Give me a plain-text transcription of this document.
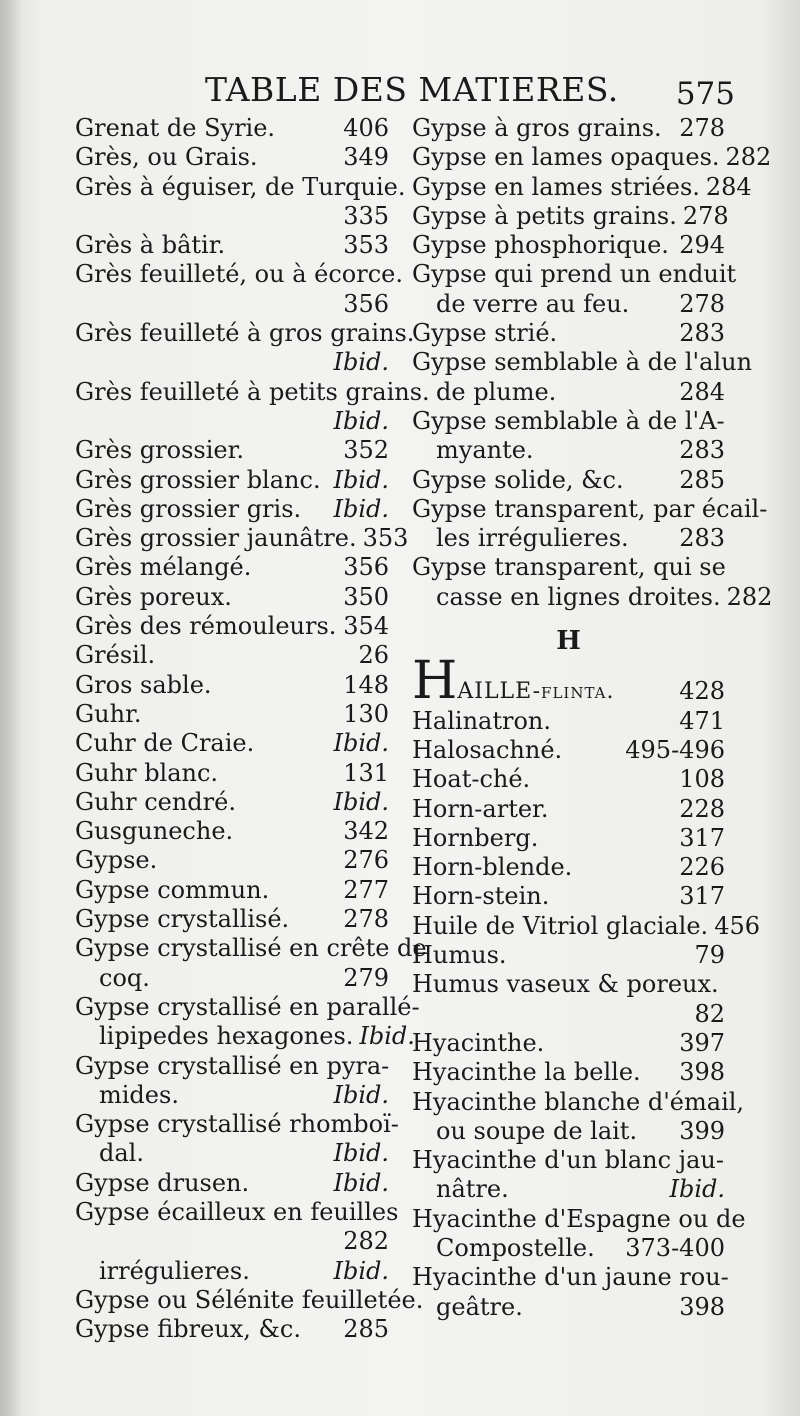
TABLE DES MATIERES. 575
Grenat de Syrie.	406
Grès, ou Grais.	349
Grès à éguiser, de Turquie.
335
Grès à bâtir.	353
Grès feuilleté, ou à écorce.
356
Grès feuilleté à gros grains.
Ibid.
Grès feuilleté à petits grains.
Ibid.
Grès grossier.	352
Grès grossier blanc. Ibid.
Grès grossier gris. Ibid.
Grès grossier jaunâtre. 353
Grès mélangé.	356
Grès poreux.	350
Grès des rémouleurs. 354
Grésil.	26
Gros sable.	148
Guhr.	130
Cuhr de Craie.	Ibid.
Guhr blanc.	131
Guhr cendré.	Ibid.
Gusguneche.	342
Gypse.	276
Gypse commun.	277
Gypse crystallisé. 278
Gypse crystallisé en crête de
coq.	279
Gypse crystallisé en parallé-
lipipedes hexagones. Ibid.
Gypse crystallisé en pyra-
mides.	Ibid.
Gypse crystallisé rhomboï-
dal.	Ibid.
Gypse drusen.	Ibid.
Gypse écailleux en feuilles
282
irrégulieres.	Ibid.
Gypse ou Sélénite feuilletée.
Gypse fibreux, &c. 285
Gypse à gros grains. 278
Gypse en lames opaques. 282
Gypse en lames striées. 284
Gypse à petits grains. 278
Gypse phosphorique. 294
Gypse qui prend un enduit
de verre au feu. 278
Gypse strié.	283
Gypse semblable à de l'alun
de plume.	284
Gypse semblable à de l'A-
myante.	283
Gypse solide, &c. 285
Gypse transparent, par écail-
les irrégulieres. 283
Gypse transparent, qui se
casse en lignes droites. 282
H
HAILLE-flinta.	428
Halinatron.	471
Halosachné.	495-496
Hoat-ché.	108
Horn-arter.	228
Hornberg.	317
Horn-blende.	226
Horn-stein.	317
Huile de Vitriol glaciale. 456
Humus.	79
Humus vaseux & poreux.
82
Hyacinthe.	397
Hyacinthe la belle. 398
Hyacinthe blanche d'émail,
ou soupe de lait. 399
Hyacinthe d'un blanc jau-
nâtre.	Ibid.
Hyacinthe d'Espagne ou de
Compostelle. 373-400
Hyacinthe d'un jaune rou-
geâtre.	398
